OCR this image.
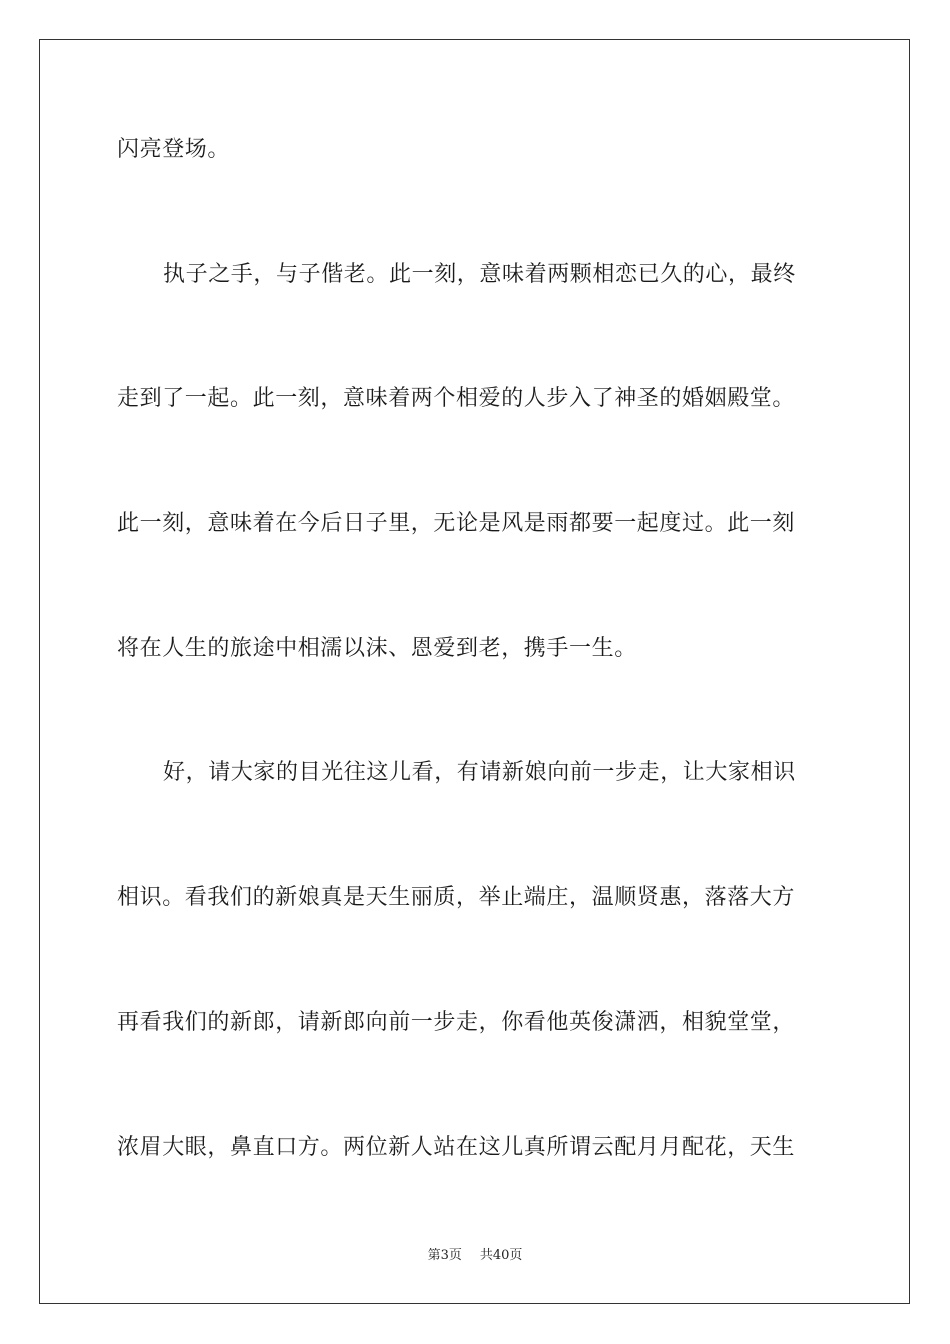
闪亮登场。
执子之手，与子偕老。此一刻，意味着两颗相恋已久的心，最终
走到了一起。此一刻，意味着两个相爱的人步入了神圣的婚姻殿堂。
此一刻，意味着在今后日子里，无论是风是雨都要一起度过。此一刻
将在人生的旅途中相濡以沫、恩爱到老，携手一生。
好，请大家的目光往这儿看，有请新娘向前一步走，让大家相识
相识。看我们的新娘真是天生丽质，举止端庄，温顺贤惠，落落大方
再看我们的新郎，请新郎向前一步走，你看他英俊潇洒，相貌堂堂，
浓眉大眼，鼻直口方。两位新人站在这儿真所谓云配月月配花，天生
第3页 共40页
